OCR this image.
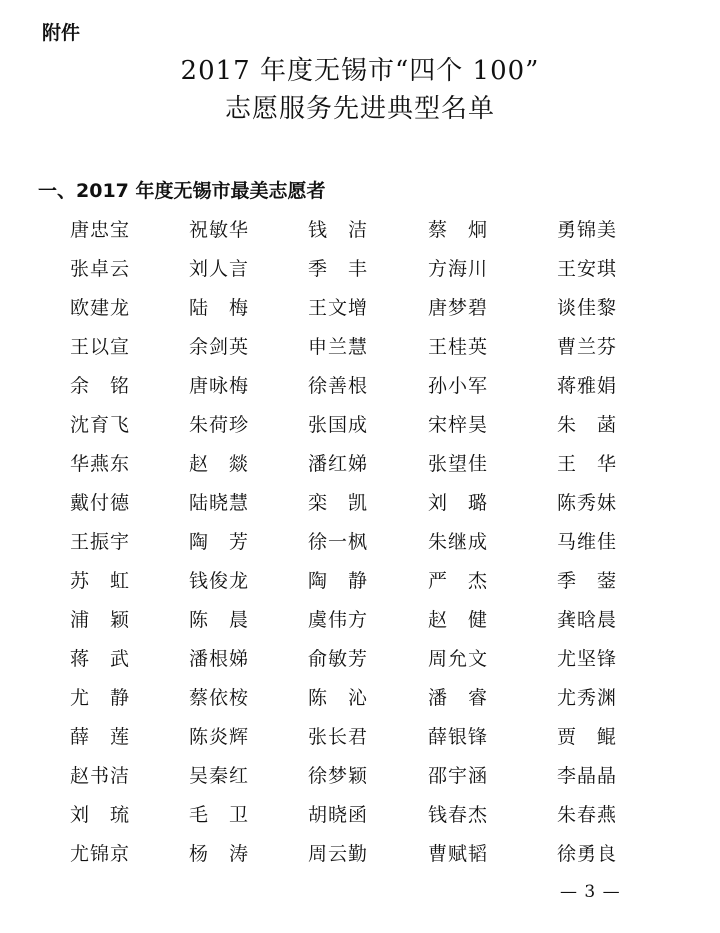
附件
2017 年度无锡市“四个 100”
志愿服务先进典型名单
一、2017 年度无锡市最美志愿者
唐忠宝	祝敏华	钱　洁	蔡　炯	勇锦美
张卓云	刘人言	季　丰	方海川	王安琪
欧建龙	陆　梅	王文增	唐梦碧	谈佳黎
王以宣	余剑英	申兰慧	王桂英	曹兰芬
余　铭	唐咏梅	徐善根	孙小军	蒋雅娟
沈育飞	朱荷珍	张国成	宋梓昊	朱　菡
华燕东	赵　燚	潘红娣	张望佳	王　华
戴付德	陆晓慧	栾　凯	刘　璐	陈秀妹
王振宇	陶　芳	徐一枫	朱继成	马维佳
苏　虹	钱俊龙	陶　静	严　杰	季　蓥
浦　颖	陈　晨	虞伟方	赵　健	龚晗晨
蒋　武	潘根娣	俞敏芳	周允文	尤坚锋
尤　静	蔡依桉	陈　沁	潘　睿	尤秀渊
薛　莲	陈炎辉	张长君	薛银锋	贾　鲲
赵书洁	吴秦红	徐梦颖	邵宇涵	李晶晶
刘　琉	毛　卫	胡晓函	钱春杰	朱春燕
尤锦京	杨　涛	周云勤	曹赋韬	徐勇良
— 3 —
